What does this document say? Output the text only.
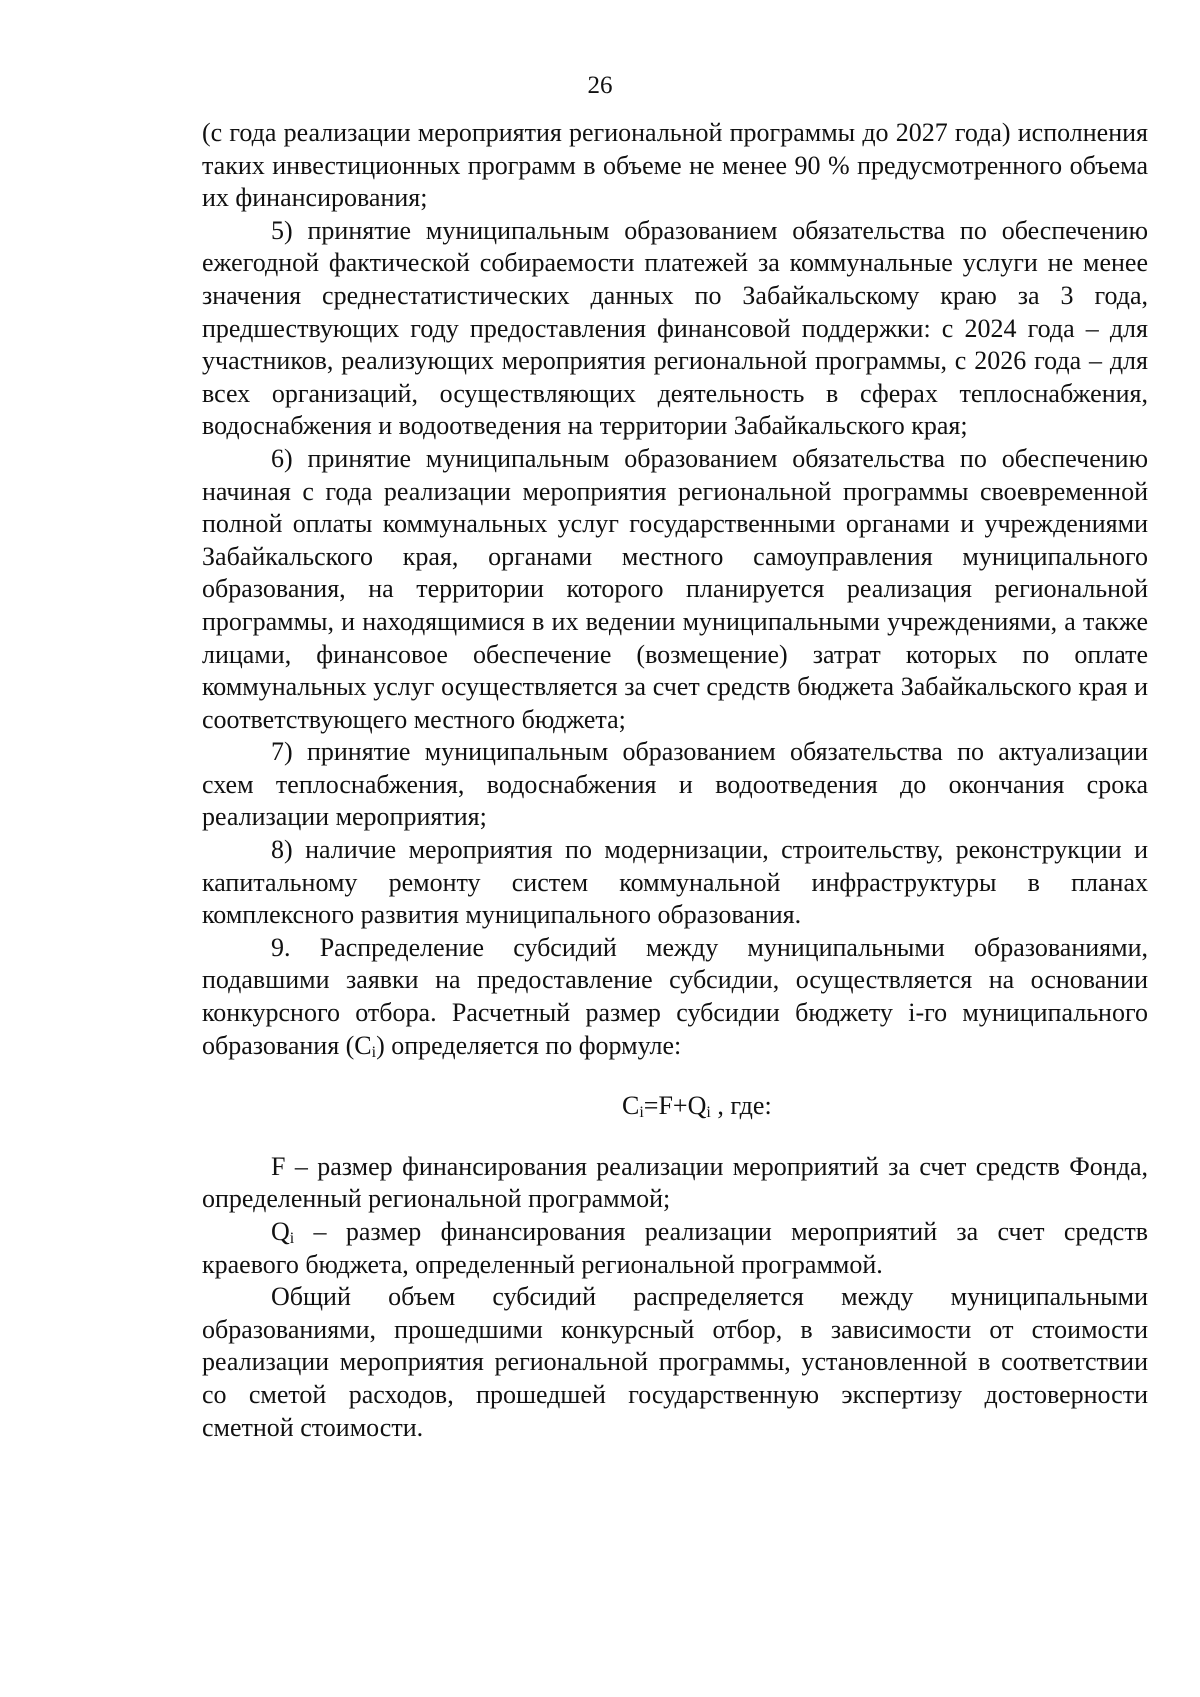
26

(с года реализации мероприятия региональной программы до 2027 года) исполнения таких инвестиционных программ в объеме не менее 90 % предусмотренного объема их финансирования;

5) принятие муниципальным образованием обязательства по обеспечению ежегодной фактической собираемости платежей за коммунальные услуги не менее значения среднестатистических данных по Забайкальскому краю за 3 года, предшествующих году предоставления финансовой поддержки: с 2024 года – для участников, реализующих мероприятия региональной программы, с 2026 года – для всех организаций, осуществляющих деятельность в сферах теплоснабжения, водоснабжения и водоотведения на территории Забайкальского края;

6) принятие муниципальным образованием обязательства по обеспечению начиная с года реализации мероприятия региональной программы своевременной полной оплаты коммунальных услуг государственными органами и учреждениями Забайкальского края, органами местного самоуправления муниципального образования, на территории которого планируется реализация региональной программы, и находящимися в их ведении муниципальными учреждениями, а также лицами, финансовое обеспечение (возмещение) затрат которых по оплате коммунальных услуг осуществляется за счет средств бюджета Забайкальского края и соответствующего местного бюджета;

7) принятие муниципальным образованием обязательства по актуализации схем теплоснабжения, водоснабжения и водоотведения до окончания срока реализации мероприятия;

8) наличие мероприятия по модернизации, строительству, реконструкции и капитальному ремонту систем коммунальной инфраструктуры в планах комплексного развития муниципального образования.

9. Распределение субсидий между муниципальными образованиями, подавшими заявки на предоставление субсидии, осуществляется на основании конкурсного отбора. Расчетный размер субсидии бюджету i-го муниципального образования $(C_i)$ определяется по формуле:

$C_i=F+Q_i$ , где:

F – размер финансирования реализации мероприятий за счет средств Фонда, определенный региональной программой;

$Q_i$ – размер финансирования реализации мероприятий за счет средств краевого бюджета, определенный региональной программой.

Общий объем субсидий распределяется между муниципальными образованиями, прошедшими конкурсный отбор, в зависимости от стоимости реализации мероприятия региональной программы, установленной в соответствии со сметой расходов, прошедшей государственную экспертизу достоверности сметной стоимости.
